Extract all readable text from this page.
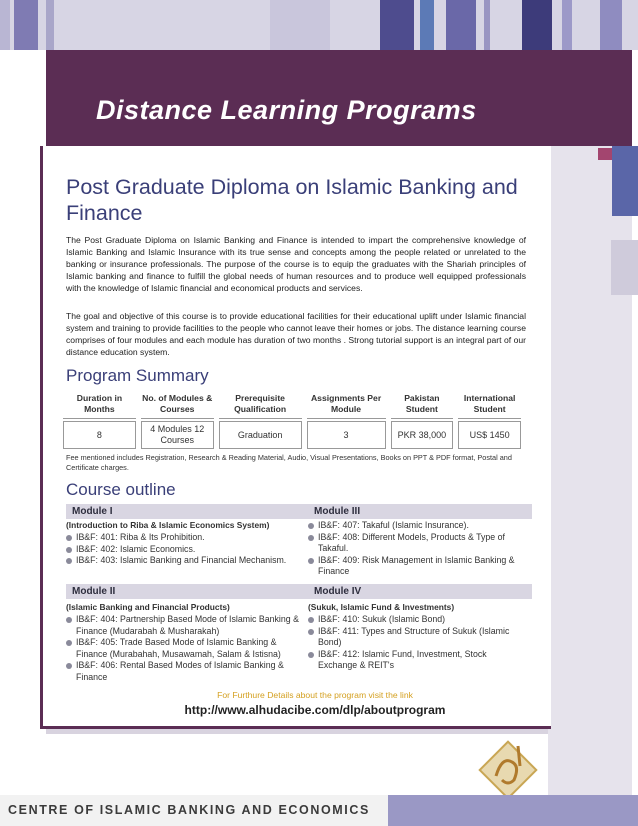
Distance Learning Programs
Post Graduate Diploma on Islamic Banking and Finance
The Post Graduate Diploma on Islamic Banking and Finance is intended to impart the comprehensive knowledge of Islamic Banking and Islamic Insurance with its true sense and concepts among the people related or unrelated to the banking or insurance professionals. The purpose of the course is to equip the graduates with the Shariah principles of Islamic banking and finance to fulfill the global needs of human resources and to produce well equipped professionals with the knowledge of Islamic financial and economical products and services.
The goal and objective of this course is to provide educational facilities for their educational uplift under Islamic financial system and training to provide facilities to the people who cannot leave their homes or jobs. The distance learning course comprises of four modules and each module has duration of two months . Strong tutorial support is an integral part of our distance education system.
Program Summary
Duration in Months	No. of Modules & Courses	Prerequisite Qualification	Assignments Per Module	Pakistan Student	International Student
8	4 Modules 12 Courses	Graduation	3	PKR 38,000	US$ 1450
Fee mentioned includes Registration, Research & Reading Material, Audio, Visual Presentations, Books on PPT & PDF format, Postal and Certificate charges.
Course outline
Module I
(Introduction to Riba & Islamic Economics System)
IB&F: 401: Riba & Its Prohibition.
IB&F: 402: Islamic Economics.
IB&F: 403: Islamic Banking and Financial Mechanism.
Module II
(Islamic Banking and Financial Products)
IB&F: 404: Partnership Based Mode of Islamic Banking & Finance (Mudarabah & Musharakah)
IB&F: 405: Trade Based Mode of Islamic Banking & Finance (Murabahah, Musawamah, Salam & Istisna)
IB&F: 406: Rental Based Modes of Islamic Banking & Finance
Module III
IB&F: 407: Takaful (Islamic Insurance).
IB&F: 408: Different Models, Products & Type of Takaful.
IB&F: 409: Risk Management in Islamic Banking & Finance
Module IV
(Sukuk, Islamic Fund & Investments)
IB&F: 410: Sukuk (Islamic Bond)
IB&F: 411: Types and Structure of Sukuk (Islamic Bond)
IB&F: 412: Islamic Fund, Investment, Stock Exchange & REIT's
For Furthure Details about the program visit the link
http://www.alhudacibe.com/dlp/aboutprogram
CENTRE OF ISLAMIC BANKING AND ECONOMICS
